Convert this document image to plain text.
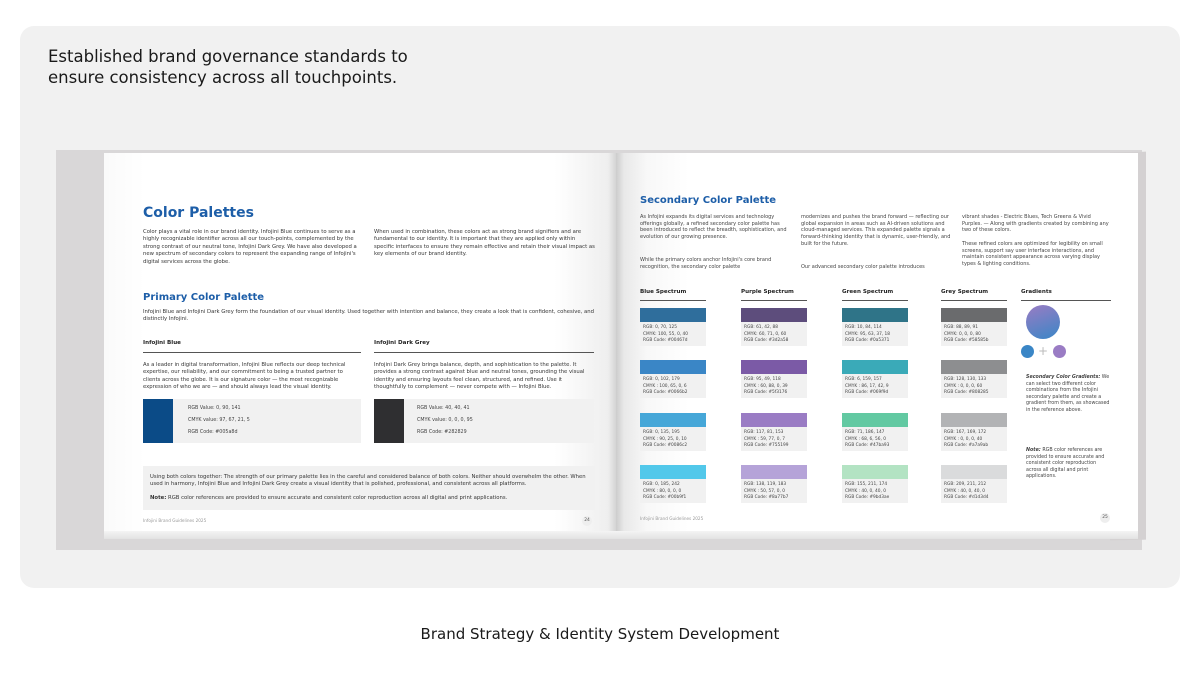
Established brand governance standards to ensure consistency across all touchpoints.
Color Palettes
Color plays a vital role in our brand identity. Infojini Blue continues to serve as a highly recognizable identifier across all our touch-points, complemented by the strong contrast of our neutral tone, Infojini Dark Grey. We have also developed a new spectrum of secondary colors to represent the expanding range of Infojini's digital services across the globe.
When used in combination, these colors act as strong brand signifiers and are fundamental to our identity. It is important that they are applied only within specific interfaces to ensure they remain effective and retain their visual impact as key elements of our brand identity.
Primary Color Palette
Infojini Blue and Infojini Dark Grey form the foundation of our visual identity. Used together with intention and balance, they create a look that is confident, cohesive, and distinctly Infojini.
Infojini Blue
As a leader in digital transformation, Infojini Blue reflects our deep technical expertise, our reliability, and our commitment to being a trusted partner to clients across the globe. It is our signature color — the most recognizable expression of who we are — and should always lead the visual identity.
RGB Value: 0, 90, 141
CMYK value: 97, 67, 21, 5
RGB Code: #005a8d
Infojini Dark Grey
Infojini Dark Grey brings balance, depth, and sophistication to the palette. It provides a strong contrast against blue and neutral tones, grounding the visual identity and ensuring layouts feel clean, structured, and refined. Use it thoughtfully to complement — never compete with — Infojini Blue.
RGB Value: 40, 40, 41
CMYK value: 0, 0, 0, 95
RGB Code: #282829
Using both colors together: The strength of our primary palette lies in the careful and considered balance of both colors. Neither should overwhelm the other. When used in harmony, Infojini Blue and Infojini Dark Grey create a visual identity that is polished, professional, and consistent across all platforms.
Note: RGB color references are provided to ensure accurate and consistent color reproduction across all digital and print applications.
Infojini Brand Guidelines 2025	24
Secondary Color Palette
As Infojini expands its digital services and technology offerings globally, a refined secondary color palette has been introduced to reflect the breadth, sophistication, and evolution of our growing presence.
While the primary colors anchor Infojini's core brand recognition, the secondary color palette
modernizes and pushes the brand forward — reflecting our global expansion in areas such as AI-driven solutions and cloud-managed services. This expanded palette signals a forward-thinking identity that is dynamic, user-friendly, and built for the future.
Our advanced secondary color palette introduces
vibrant shades - Electric Blues, Tech Greens & Vivid Purples. — Along with gradients created by combining any two of these colors.
These refined colors are optimized for legibility on small screens, support say user interface interactions, and maintain consistent appearance across varying display types & lighting conditions.
Blue Spectrum
RGB: 0, 70, 125
CMYK: 100, 55, 0, 40
RGB Code: #00467d
RGB: 0, 102, 179
CMYK : 100, 65, 0, 6
RGB Code: #0066b2
RGB: 0, 135, 195
CMYK : 90, 25, 0, 10
RGB Code: #0086c2
RGB: 0, 185, 242
CMYK : 80, 0, 0, 0
RGB Code: #00b9f1
Purple Spectrum
RGB: 61, 42, 88
CMYK: 60, 71, 0, 60
RGB Code: #3d2a58
RGB: 95, 49, 118
CMYK : 60, 88, 0, 39
RGB Code: #5f3176
RGB: 117, 81, 153
CMYK : 59, 77, 0, 7
RGB Code: #755199
RGB: 138, 119, 183
CMYK : 50, 57, 0, 0
RGB Code: #8a77b7
Green Spectrum
RGB: 10, 84, 114
CMYK: 95, 63, 37, 18
RGB Code: #0a5371
RGB: 6, 159, 157
CMYK : 86, 17, 42, 9
RGB Code: #069f9d
RGB: 71, 186, 147
CMYK : 68, 6, 56, 0
RGB Code: #47ba93
RGB: 155, 211, 174
CMYK : 40, 0, 40, 0
RGB Code: #9bd3ae
Grey Spectrum
RGB: 88, 89, 91
CMYK: 0, 0, 0, 80
RGB Code: #58585b
RGB: 128, 130, 133
CMYK : 0, 0, 0, 60
RGB Code: #808285
RGB: 167, 169, 172
CMYK : 0, 0, 0, 40
RGB Code: #a7a9ab
RGB: 209, 211, 212
CMYK : 40, 0, 40, 0
RGB Code: #d1d3d4
Gradients
+
Secondary Color Gradients: We can select two different color combinations from the Infojini secondary palette and create a gradient from them, as showcased in the reference above.
Note: RGB color references are provided to ensure accurate and consistent color reproduction across all digital and print applications.
Infojini Brand Guidelines 2025	25
Brand Strategy & Identity System Development
